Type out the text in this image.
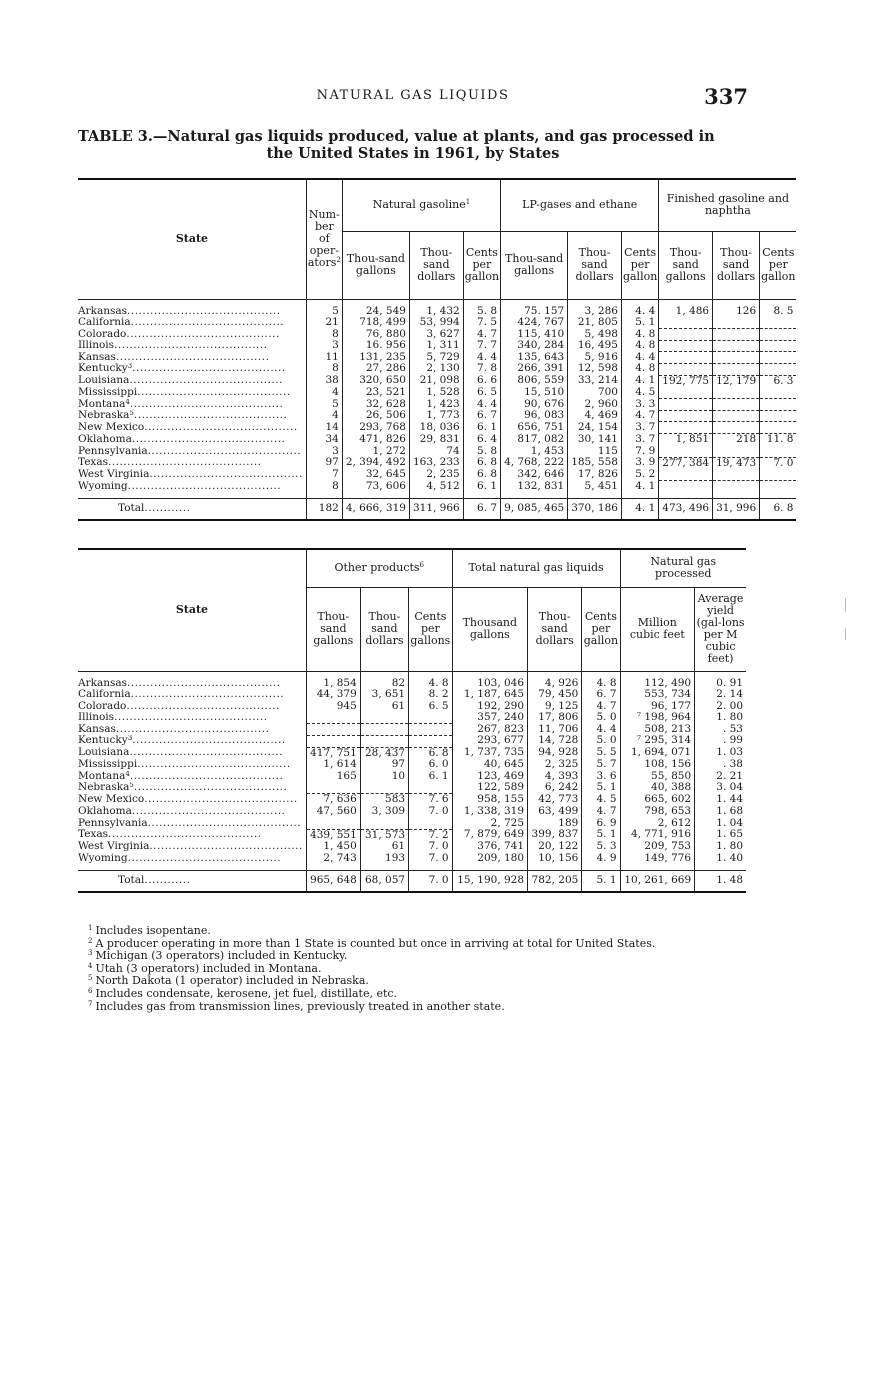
NATURAL GAS LIQUIDS	337
TABLE 3.—Natural gas liquids produced, value at plants, and gas processed in
the United States in 1961, by States
State	Num-ber of oper-ators$^2$	Natural gasoline$^1$			LP-gases and ethane			Finished gasoline and naphtha		
		Thou-sand gallons	Thou-sand dollars	Cents per gallon	Thou-sand gallons	Thou-sand dollars	Cents per gallon	Thou-sand gallons	Thou-sand dollars	Cents per gallon
Arkansas........................................	5	24, 549	1, 432	5. 8	75. 157	3, 286	4. 4	1, 486	126	8. 5
California........................................	21	718, 499	53, 994	7. 5	424, 767	21, 805	5. 1			
Colorado........................................	8	76, 880	3, 627	4. 7	115, 410	5, 498	4. 8			
Illinois........................................	3	16. 956	1, 311	7. 7	340, 284	16, 495	4. 8			
Kansas........................................	11	131, 235	5, 729	4. 4	135, 643	5, 916	4. 4			
Kentucky$^3$........................................	8	27, 286	2, 130	7. 8	266, 391	12, 598	4. 8			
Louisiana........................................	38	320, 650	21, 098	6. 6	806, 559	33, 214	4. 1	192, 775	12, 179	6. 3
Mississippi........................................	4	23, 521	1, 528	6. 5	15, 510	700	4. 5			
Montana$^4$........................................	5	32, 628	1, 423	4. 4	90, 676	2, 960	3. 3			
Nebraska$^5$........................................	4	26, 506	1, 773	6. 7	96, 083	4, 469	4. 7			
New Mexico........................................	14	293, 768	18, 036	6. 1	656, 751	24, 154	3. 7			
Oklahoma........................................	34	471, 826	29, 831	6. 4	817, 082	30, 141	3. 7	1, 851	218	11. 8
Pennsylvania........................................	3	1, 272	74	5. 8	1, 453	115	7. 9			
Texas........................................	97	2, 394, 492	163, 233	6. 8	4, 768, 222	185, 558	3. 9	277, 384	19, 473	7. 0
West Virginia........................................	7	32, 645	2, 235	6. 8	342, 646	17, 826	5. 2			
Wyoming........................................	8	73, 606	4, 512	6. 1	132, 831	5, 451	4. 1			
Total............	182	4, 666, 319	311, 966	6. 7	9, 085, 465	370, 186	4. 1	473, 496	31, 996	6. 8
State	Other products$^6$			Total natural gas liquids			Natural gas processed	
	Thou-sand gallons	Thou-sand dollars	Cents per gallons	Thousand gallons	Thou-sand dollars	Cents per gallon	Million cubic feet	Average yield (gal-lons per M cubic feet)
Arkansas........................................	1, 854	82	4. 8	103, 046	4, 926	4. 8	112, 490	0. 91
California........................................	44, 379	3, 651	8. 2	1, 187, 645	79, 450	6. 7	553, 734	2. 14
Colorado........................................	945	61	6. 5	192, 290	9, 125	4. 7	96, 177	2. 00
Illinois........................................				357, 240	17, 806	5. 0	⁷ 198, 964	1. 80
Kansas........................................				267, 823	11, 706	4. 4	508, 213	. 53
Kentucky$^3$........................................				293, 677	14, 728	5. 0	⁷ 295, 314	. 99
Louisiana........................................	417, 751	28, 437	6. 8	1, 737, 735	94, 928	5. 5	1, 694, 071	1. 03
Mississippi........................................	1, 614	97	6. 0	40, 645	2, 325	5. 7	108, 156	. 38
Montana$^4$........................................	165	10	6. 1	123, 469	4, 393	3. 6	55, 850	2. 21
Nebraska$^5$........................................				122, 589	6, 242	5. 1	40, 388	3. 04
New Mexico........................................	7, 636	583	7. 6	958, 155	42, 773	4. 5	665, 602	1. 44
Oklahoma........................................	47, 560	3, 309	7. 0	1, 338, 319	63, 499	4. 7	798, 653	1. 68
Pennsylvania........................................				2, 725	189	6. 9	2, 612	1. 04
Texas........................................	439, 551	31, 573	7. 2	7, 879, 649	399, 837	5. 1	4, 771, 916	1. 65
West Virginia........................................	1, 450	61	7. 0	376, 741	20, 122	5. 3	209, 753	1. 80
Wyoming........................................	2, 743	193	7. 0	209, 180	10, 156	4. 9	149, 776	1. 40
Total............	965, 648	68, 057	7. 0	15, 190, 928	782, 205	5. 1	10, 261, 669	1. 48
$^1$ Includes isopentane.
$^2$ A producer operating in more than 1 State is counted but once in arriving at total for United States.
$^3$ Michigan (3 operators) included in Kentucky.
$^4$ Utah (3 operators) included in Montana.
$^5$ North Dakota (1 operator) included in Nebraska.
$^6$ Includes condensate, kerosene, jet fuel, distillate, etc.
$^7$ Includes gas from transmission lines, previously treated in another state.
